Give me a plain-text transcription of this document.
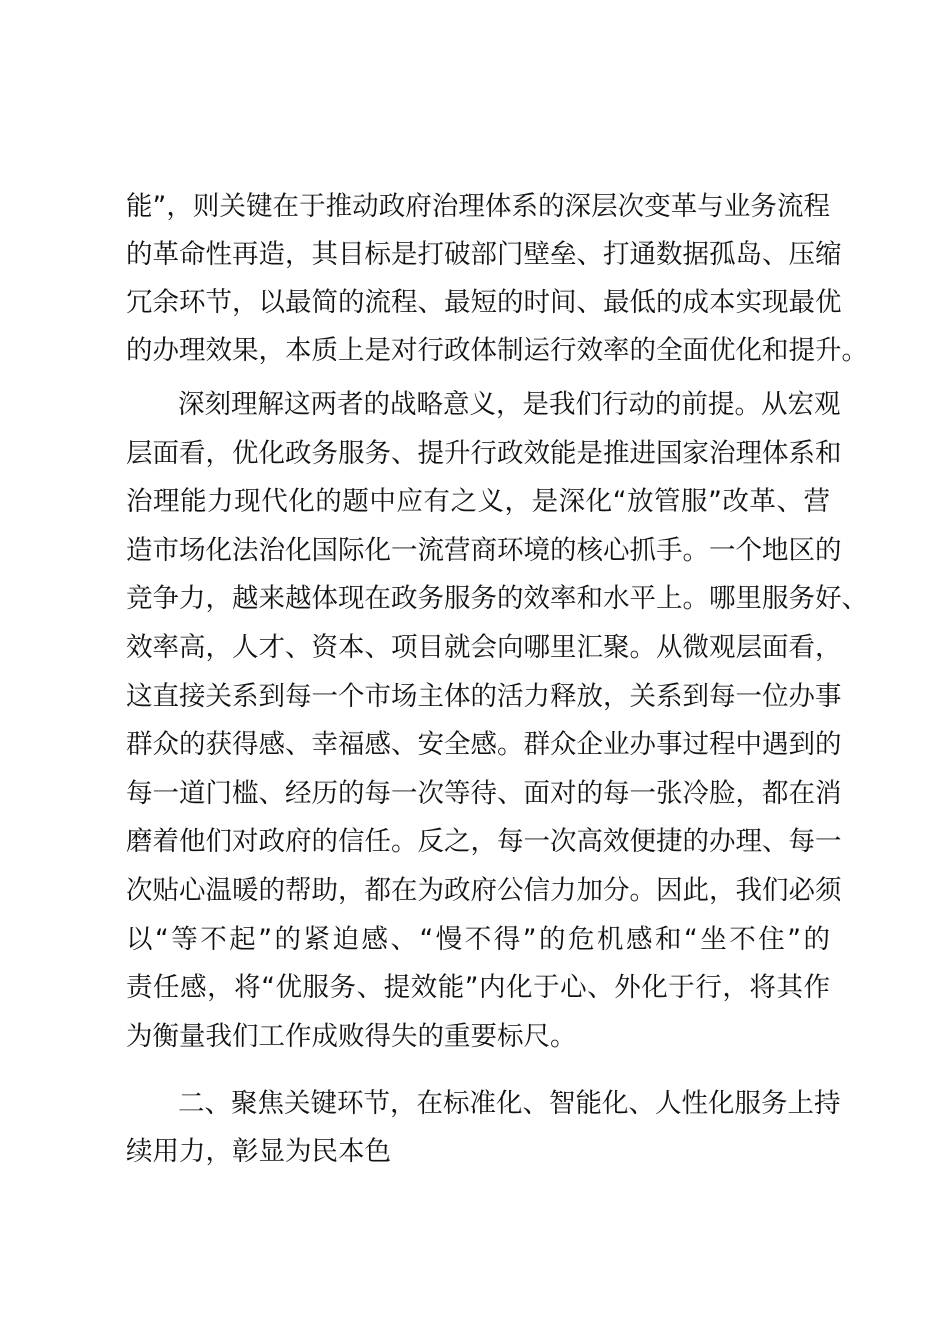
能”，则关键在于推动政府治理体系的深层次变革与业务流程
的革命性再造，其目标是打破部门壁垒、打通数据孤岛、压缩
冗余环节，以最简的流程、最短的时间、最低的成本实现最优
的办理效果，本质上是对行政体制运行效率的全面优化和提升。
深刻理解这两者的战略意义，是我们行动的前提。从宏观
层面看，优化政务服务、提升行政效能是推进国家治理体系和
治理能力现代化的题中应有之义，是深化“放管服”改革、营
造市场化法治化国际化一流营商环境的核心抓手。一个地区的
竞争力，越来越体现在政务服务的效率和水平上。哪里服务好、
效率高，人才、资本、项目就会向哪里汇聚。从微观层面看，
这直接关系到每一个市场主体的活力释放，关系到每一位办事
群众的获得感、幸福感、安全感。群众企业办事过程中遇到的
每一道门槛、经历的每一次等待、面对的每一张冷脸，都在消
磨着他们对政府的信任。反之，每一次高效便捷的办理、每一
次贴心温暖的帮助，都在为政府公信力加分。因此，我们必须
以“等不起”的紧迫感、“慢不得”的危机感和“坐不住”的
责任感，将“优服务、提效能”内化于心、外化于行，将其作
为衡量我们工作成败得失的重要标尺。
二、聚焦关键环节，在标准化、智能化、人性化服务上持
续用力，彰显为民本色
